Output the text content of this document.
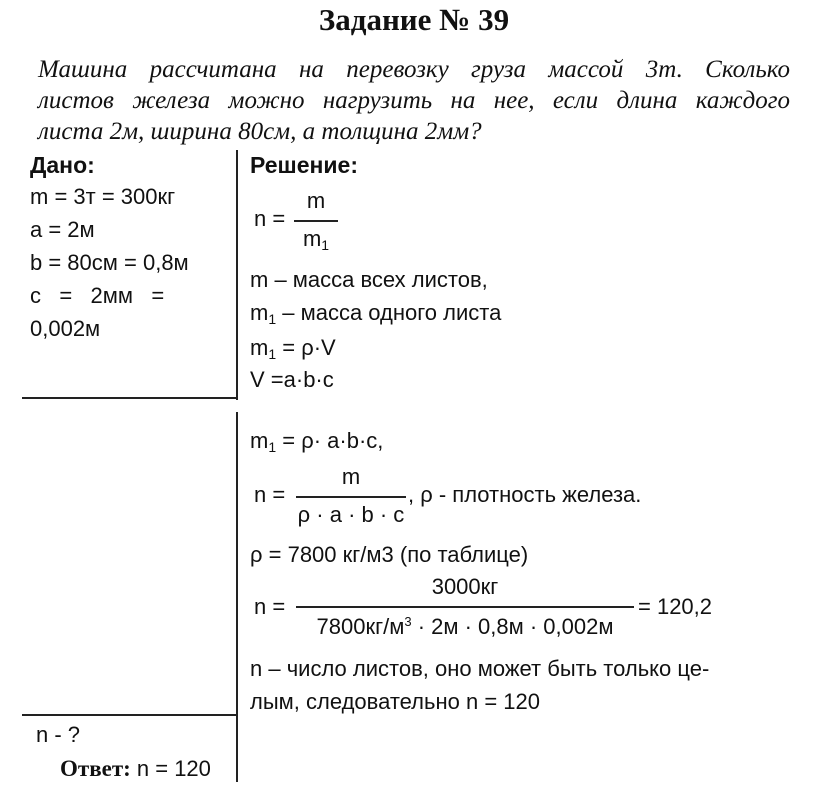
Задание № 39
Машина рассчитана на перевозку груза массой 3т. Сколько
листов железа можно нагрузить на нее, если длина каждого
листа 2м, ширина 80см, а толщина 2мм?
Дано:
m = 3т = 300кг
a = 2м
b = 80см = 0,8м
c   =   2мм   =
0,002м
n - ?
Решение:
n =
m
$m_1$
m – масса всех листов,
$m_1$ – масса одного листа
$m_1 = \rho\cdot V$
V =a·b·c
$m_1 = \rho\cdot a\cdot b\cdot c$,
n =
m
ρ · a · b · c
, ρ - плотность железа.
ρ = 7800 кг/м3 (по таблице)
n =
3000кг
$7800кг/м^3 \cdot 2м \cdot 0,8м \cdot 0,002м$
= 120,2
n – число листов, оно может быть только це-
лым, следовательно n = 120
Ответ: n = 120
